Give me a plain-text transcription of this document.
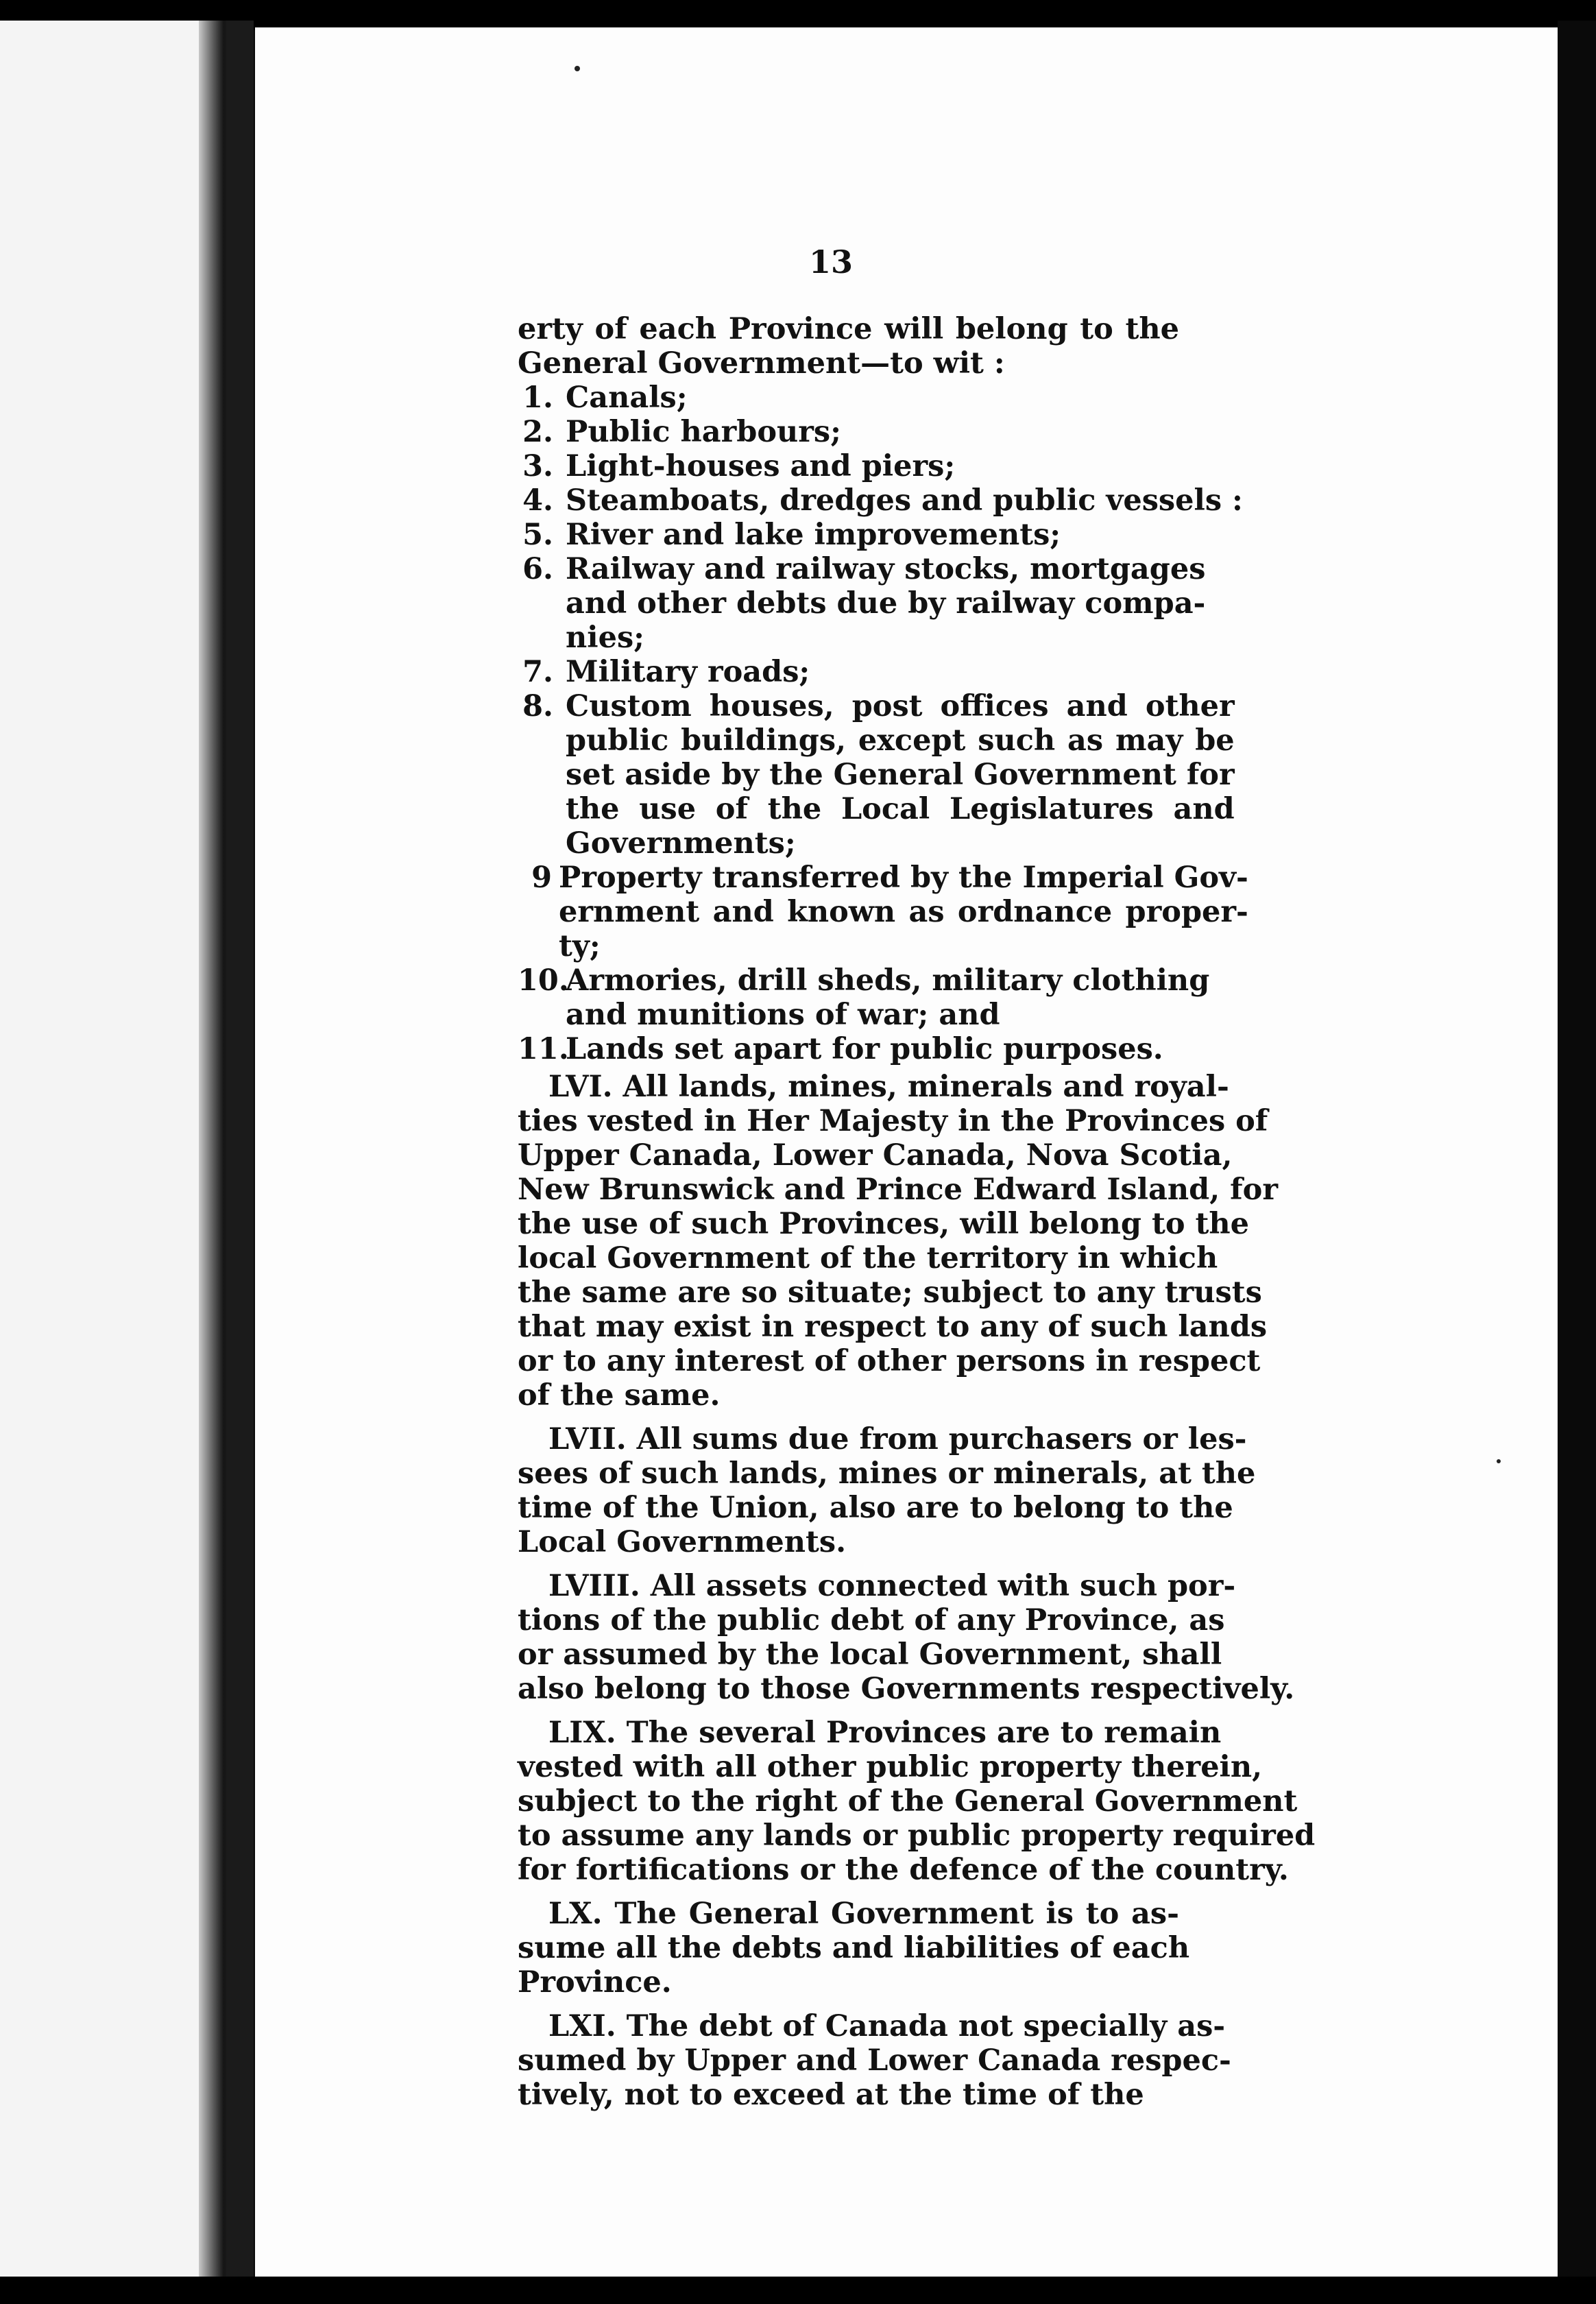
13
erty of each Province will belong to the
General Government—to wit :
1. Canals;
2. Public harbours;
3. Light-houses and piers;
4. Steamboats, dredges and public vessels :
5. River and lake improvements;
6. Railway and railway stocks, mortgages
and other debts due by railway compa-
nies;
7. Military roads;
8. Custom houses, post offices and other
public buildings, except such as may be
set aside by the General Government for
the use of the Local Legislatures and
Governments;
9 Property transferred by the Imperial Gov-
ernment and known as ordnance proper-
ty;
10.
Armories, drill sheds, military clothing
and munitions of war; and
11.
Lands set apart for public purposes.
LVI. All lands, mines, minerals and royal-
ties vested in Her Majesty in the Provinces of
Upper Canada, Lower Canada, Nova Scotia,
New Brunswick and Prince Edward Island, for
the use of such Provinces, will belong to the
local Government of the territory in which
the same are so situate; subject to any trusts
that may exist in respect to any of such lands
or to any interest of other persons in respect
of the same.
LVII. All sums due from purchasers or les-
sees of such lands, mines or minerals, at the
time of the Union, also are to belong to the
Local Governments.
LVIII. All assets connected with such por-
tions of the public debt of any Province, as
or assumed by the local Government, shall
also belong to those Governments respectively.
LIX. The several Provinces are to remain
vested with all other public property therein,
subject to the right of the General Government
to assume any lands or public property required
for fortifications or the defence of the country.
LX. The General Government is to as-
sume all the debts and liabilities of each
Province.
LXI. The debt of Canada not specially as-
sumed by Upper and Lower Canada respec-
tively, not to exceed at the time of the
